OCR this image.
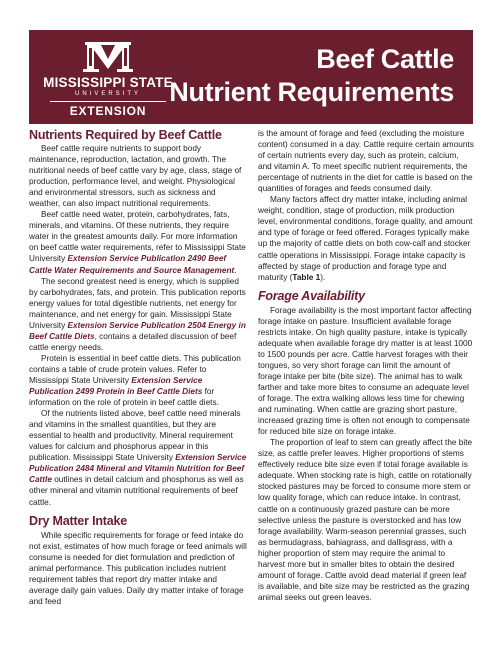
MISSISSIPPI STATE
UNIVERSITY
EXTENSION
Beef Cattle
Nutrient Requirements
Nutrients Required by Beef Cattle

Beef cattle require nutrients to support body maintenance, reproduction, lactation, and growth. The nutritional needs of beef cattle vary by age, class, stage of production, performance level, and weight. Physiological and environmental stressors, such as sickness and weather, can also impact nutritional requirements.

Beef cattle need water, protein, carbohydrates, fats, minerals, and vitamins. Of these nutrients, they require water in the greatest amounts daily. For more information on beef cattle water requirements, refer to Mississippi State University Extension Service Publication 2490 Beef Cattle Water Requirements and Source Management.

The second greatest need is energy, which is supplied by carbohydrates, fats, and protein. This publication reports energy values for total digestible nutrients, net energy for maintenance, and net energy for gain. Mississippi State University Extension Service Publication 2504 Energy in Beef Cattle Diets, contains a detailed discussion of beef cattle energy needs.

Protein is essential in beef cattle diets. This publication contains a table of crude protein values. Refer to Mississippi State University Extension Service Publication 2499 Protein in Beef Cattle Diets for information on the role of protein in beef cattle diets.

Of the nutrients listed above, beef cattle need minerals and vitamins in the smallest quantities, but they are essential to health and productivity. Mineral requirement values for calcium and phosphorus appear in this publication. Mississippi State University Extension Service Publication 2484 Mineral and Vitamin Nutrition for Beef Cattle outlines in detail calcium and phosphorus as well as other mineral and vitamin nutritional requirements of beef cattle.

Dry Matter Intake

While specific requirements for forage or feed intake do not exist, estimates of how much forage or feed animals will consume is needed for diet formulation and prediction of animal performance. This publication includes nutrient requirement tables that report dry matter intake and average daily gain values. Daily dry matter intake of forage and feed

is the amount of forage and feed (excluding the moisture content) consumed in a day. Cattle require certain amounts of certain nutrients every day, such as protein, calcium, and vitamin A. To meet specific nutrient requirements, the percentage of nutrients in the diet for cattle is based on the quantities of forages and feeds consumed daily.

Many factors affect dry matter intake, including animal weight, condition, stage of production, milk production level, environmental conditions, forage quality, and amount and type of forage or feed offered. Forages typically make up the majority of cattle diets on both cow-calf and stocker cattle operations in Mississippi. Forage intake capacity is affected by stage of production and forage type and maturity (Table 1).

Forage Availability

Forage availability is the most important factor affecting forage intake on pasture. Insufficient available forage restricts intake. On high quality pasture, intake is typically adequate when available forage dry matter is at least 1000 to 1500 pounds per acre. Cattle harvest forages with their tongues, so very short forage can limit the amount of forage intake per bite (bite size). The animal has to walk farther and take more bites to consume an adequate level of forage. The extra walking allows less time for chewing and ruminating. When cattle are grazing short pasture, increased grazing time is often not enough to compensate for reduced bite size on forage intake.

The proportion of leaf to stem can greatly affect the bite size, as cattle prefer leaves. Higher proportions of stems effectively reduce bite size even if total forage available is adequate. When stocking rate is high, cattle on rotationally stocked pastures may be forced to consume more stem or low quality forage, which can reduce intake. In contrast, cattle on a continuously grazed pasture can be more selective unless the pasture is overstocked and has low forage availability. Warm-season perennial grasses, such as bermudagrass, bahiagrass, and dallisgrass, with a higher proportion of stem may require the animal to harvest more but in smaller bites to obtain the desired amount of forage. Cattle avoid dead material if green leaf is available, and bite size may be restricted as the grazing animal seeks out green leaves.
